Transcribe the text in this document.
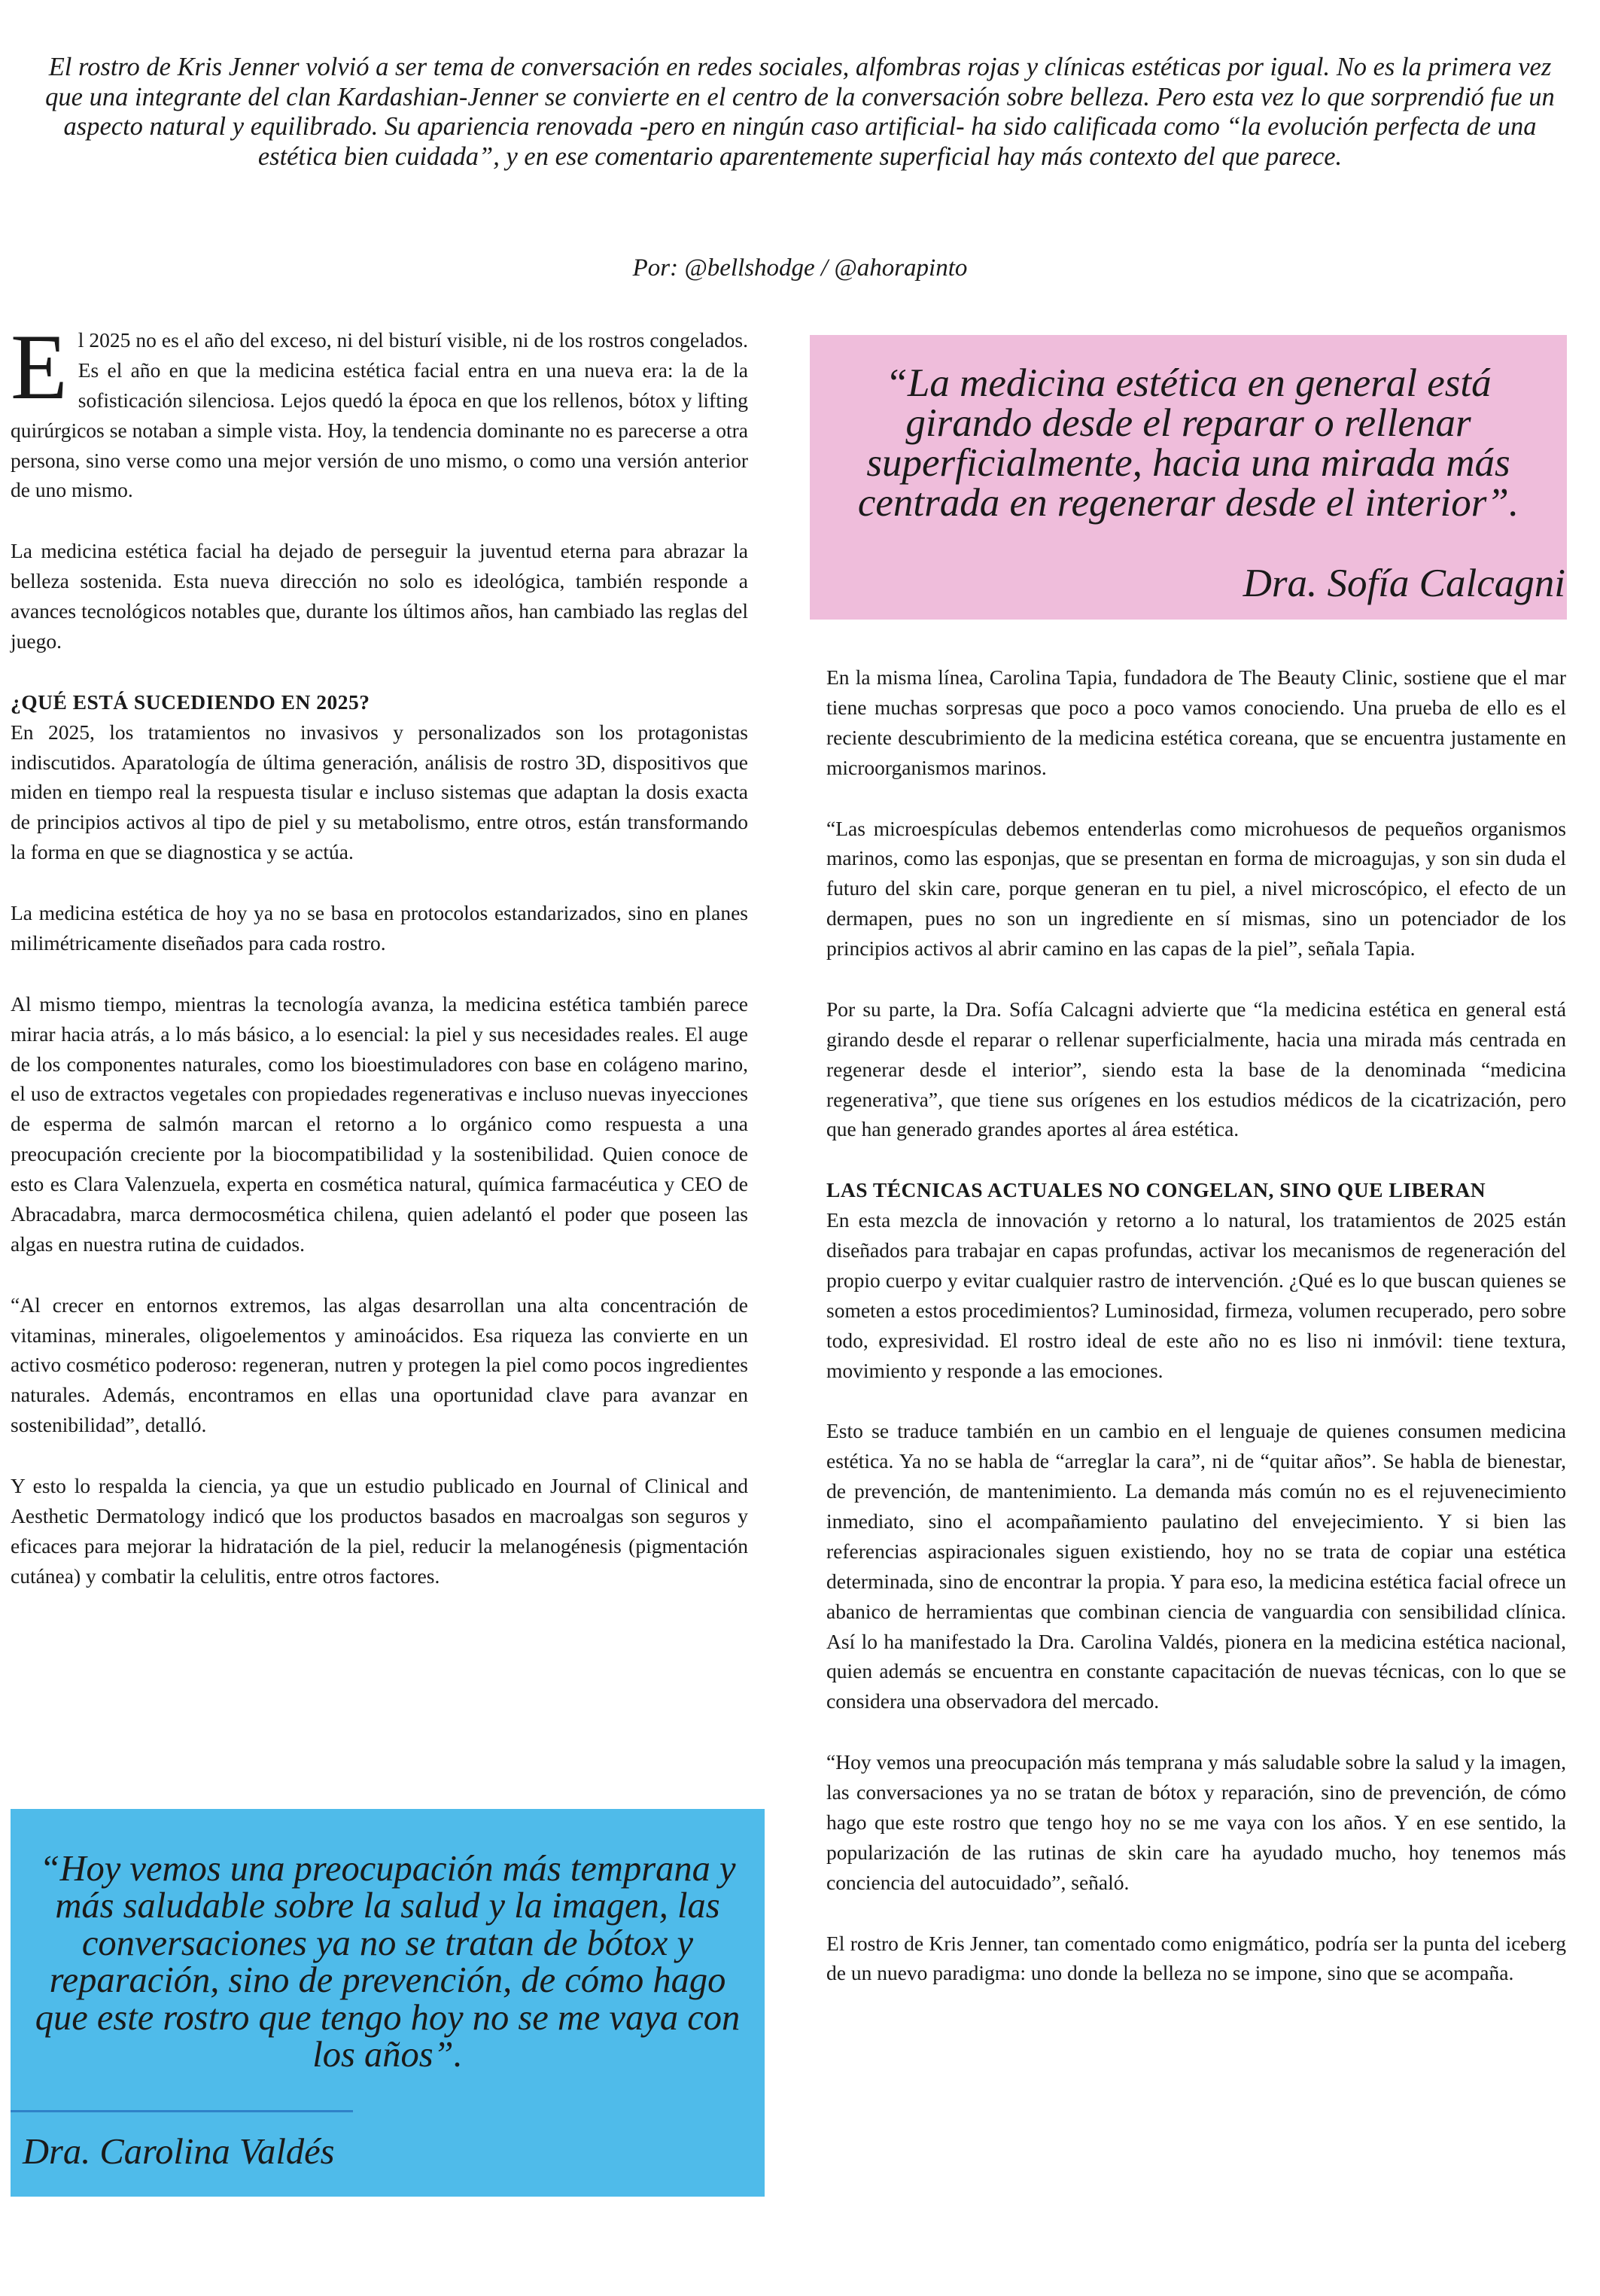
El rostro de Kris Jenner volvió a ser tema de conversación en redes sociales, alfombras rojas y clínicas estéticas por igual. No es la primera vez que una integrante del clan Kardashian-Jenner se convierte en el centro de la conversación sobre belleza. Pero esta vez lo que sorprendió fue un aspecto natural y equilibrado. Su apariencia renovada -pero en ningún caso artificial- ha sido calificada como “la evolución perfecta de una estética bien cuidada”, y en ese comentario aparentemente superficial hay más contexto del que parece.

Por: @bellshodge / @ahorapinto

El 2025 no es el año del exceso, ni del bisturí visible, ni de los rostros congelados. Es el año en que la medicina estética facial entra en una nueva era: la de la sofisticación silenciosa. Lejos quedó la época en que los rellenos, bótox y lifting quirúrgicos se notaban a simple vista. Hoy, la tendencia dominante no es parecerse a otra persona, sino verse como una mejor versión de uno mismo, o como una versión anterior de uno mismo.

La medicina estética facial ha dejado de perseguir la juventud eterna para abrazar la belleza sostenida. Esta nueva dirección no solo es ideológica, también responde a avances tecnológicos notables que, durante los últimos años, han cambiado las reglas del juego.

¿QUÉ ESTÁ SUCEDIENDO EN 2025?

En 2025, los tratamientos no invasivos y personalizados son los protagonistas indiscutidos. Aparatología de última generación, análisis de rostro 3D, dispositivos que miden en tiempo real la respuesta tisular e incluso sistemas que adaptan la dosis exacta de principios activos al tipo de piel y su metabolismo, entre otros, están transformando la forma en que se diagnostica y se actúa.

La medicina estética de hoy ya no se basa en protocolos estandarizados, sino en planes milimétricamente diseñados para cada rostro.

Al mismo tiempo, mientras la tecnología avanza, la medicina estética también parece mirar hacia atrás, a lo más básico, a lo esencial: la piel y sus necesidades reales. El auge de los componentes naturales, como los bioestimuladores con base en colágeno marino, el uso de extractos vegetales con propiedades regenerativas e incluso nuevas inyecciones de esperma de salmón marcan el retorno a lo orgánico como respuesta a una preocupación creciente por la biocompatibilidad y la sostenibilidad. Quien conoce de esto es Clara Valenzuela, experta en cosmética natural, química farmacéutica y CEO de Abracadabra, marca dermocosmética chilena, quien adelantó el poder que poseen las algas en nuestra rutina de cuidados.

“Al crecer en entornos extremos, las algas desarrollan una alta concentración de vitaminas, minerales, oligoelementos y aminoácidos. Esa riqueza las convierte en un activo cosmético poderoso: regeneran, nutren y protegen la piel como pocos ingredientes naturales. Además, encontramos en ellas una oportunidad clave para avanzar en sostenibilidad”, detalló.

Y esto lo respalda la ciencia, ya que un estudio publicado en Journal of Clinical and Aesthetic Dermatology indicó que los productos basados en macroalgas son seguros y eficaces para mejorar la hidratación de la piel, reducir la melanogénesis (pigmentación cutánea) y combatir la celulitis, entre otros factores.

“La medicina estética en general está girando desde el reparar o rellenar superficialmente, hacia una mirada más centrada en regenerar desde el interior”.

Dra. Sofía Calcagni

En la misma línea, Carolina Tapia, fundadora de The Beauty Clinic, sostiene que el mar tiene muchas sorpresas que poco a poco vamos conociendo. Una prueba de ello es el reciente descubrimiento de la medicina estética coreana, que se encuentra justamente en microorganismos marinos.

“Las microespículas debemos entenderlas como microhuesos de pequeños organismos marinos, como las esponjas, que se presentan en forma de microagujas, y son sin duda el futuro del skin care, porque generan en tu piel, a nivel microscópico, el efecto de un dermapen, pues no son un ingrediente en sí mismas, sino un potenciador de los principios activos al abrir camino en las capas de la piel”, señala Tapia.

Por su parte, la Dra. Sofía Calcagni advierte que “la medicina estética en general está girando desde el reparar o rellenar superficialmente, hacia una mirada más centrada en regenerar desde el interior”, siendo esta la base de la denominada “medicina regenerativa”, que tiene sus orígenes en los estudios médicos de la cicatrización, pero que han generado grandes aportes al área estética.

LAS TÉCNICAS ACTUALES NO CONGELAN, SINO QUE LIBERAN

En esta mezcla de innovación y retorno a lo natural, los tratamientos de 2025 están diseñados para trabajar en capas profundas, activar los mecanismos de regeneración del propio cuerpo y evitar cualquier rastro de intervención. ¿Qué es lo que buscan quienes se someten a estos procedimientos? Luminosidad, firmeza, volumen recuperado, pero sobre todo, expresividad. El rostro ideal de este año no es liso ni inmóvil: tiene textura, movimiento y responde a las emociones.

Esto se traduce también en un cambio en el lenguaje de quienes consumen medicina estética. Ya no se habla de “arreglar la cara”, ni de “quitar años”. Se habla de bienestar, de prevención, de mantenimiento. La demanda más común no es el rejuvenecimiento inmediato, sino el acompañamiento paulatino del envejecimiento. Y si bien las referencias aspiracionales siguen existiendo, hoy no se trata de copiar una estética determinada, sino de encontrar la propia. Y para eso, la medicina estética facial ofrece un abanico de herramientas que combinan ciencia de vanguardia con sensibilidad clínica. Así lo ha manifestado la Dra. Carolina Valdés, pionera en la medicina estética nacional, quien además se encuentra en constante capacitación de nuevas técnicas, con lo que se considera una observadora del mercado.

“Hoy vemos una preocupación más temprana y más saludable sobre la salud y la imagen, las conversaciones ya no se tratan de bótox y reparación, sino de prevención, de cómo hago que este rostro que tengo hoy no se me vaya con los años. Y en ese sentido, la popularización de las rutinas de skin care ha ayudado mucho, hoy tenemos más conciencia del autocuidado”, señaló.

El rostro de Kris Jenner, tan comentado como enigmático, podría ser la punta del iceberg de un nuevo paradigma: uno donde la belleza no se impone, sino que se acompaña.

“Hoy vemos una preocupación más temprana y más saludable sobre la salud y la imagen, las conversaciones ya no se tratan de bótox y reparación, sino de prevención, de cómo hago que este rostro que tengo hoy no se me vaya con los años”.

Dra. Carolina Valdés
